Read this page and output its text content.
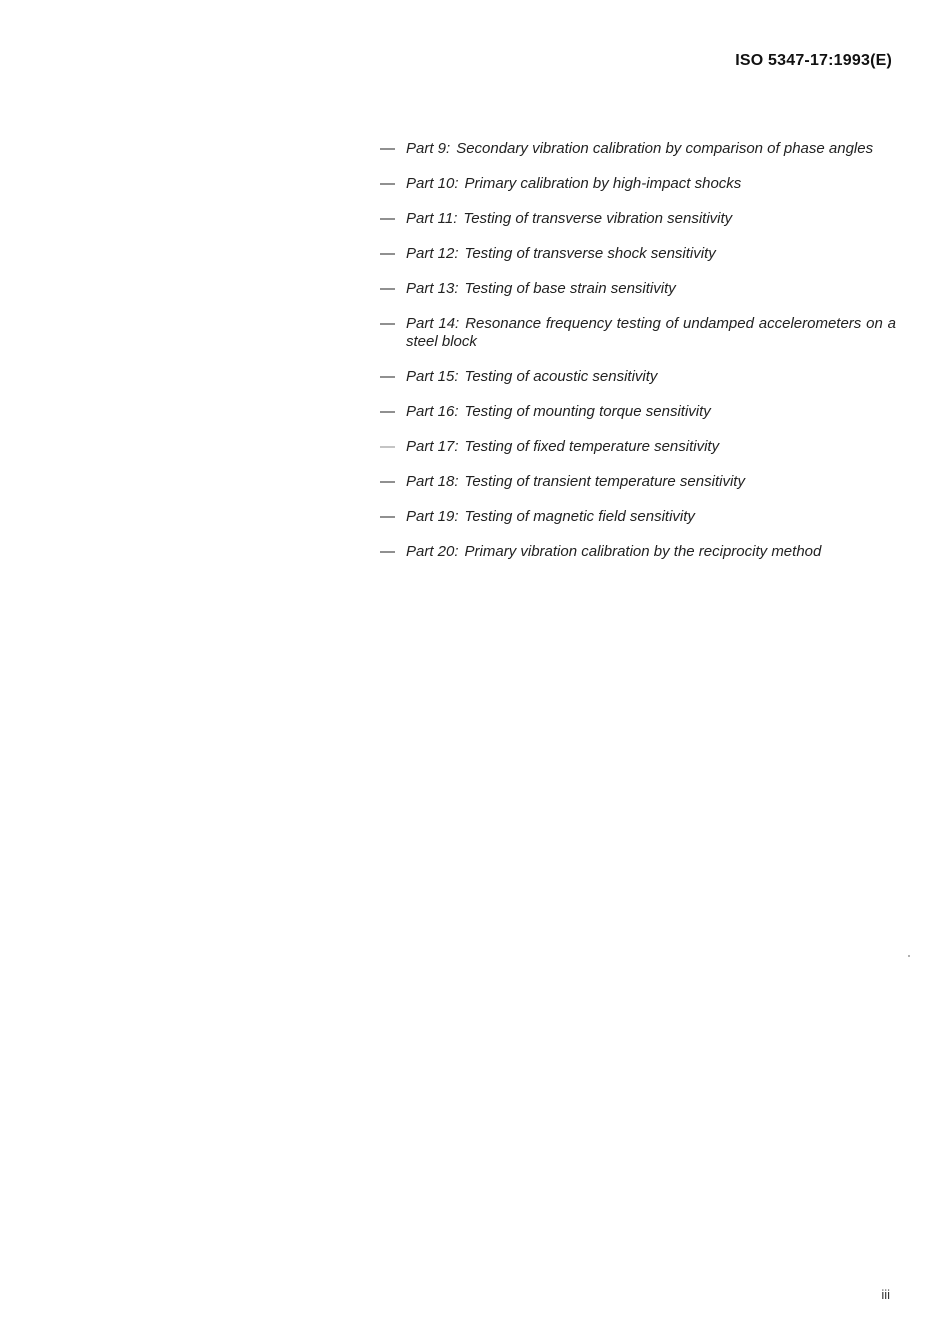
ISO 5347-17:1993(E)
— Part 9: Secondary vibration calibration by comparison of phase angles
— Part 10: Primary calibration by high-impact shocks
— Part 11: Testing of transverse vibration sensitivity
— Part 12: Testing of transverse shock sensitivity
— Part 13: Testing of base strain sensitivity
— Part 14: Resonance frequency testing of undamped accelerometers on a steel block
— Part 15: Testing of acoustic sensitivity
— Part 16: Testing of mounting torque sensitivity
— Part 17: Testing of fixed temperature sensitivity
— Part 18: Testing of transient temperature sensitivity
— Part 19: Testing of magnetic field sensitivity
— Part 20: Primary vibration calibration by the reciprocity method
iii
